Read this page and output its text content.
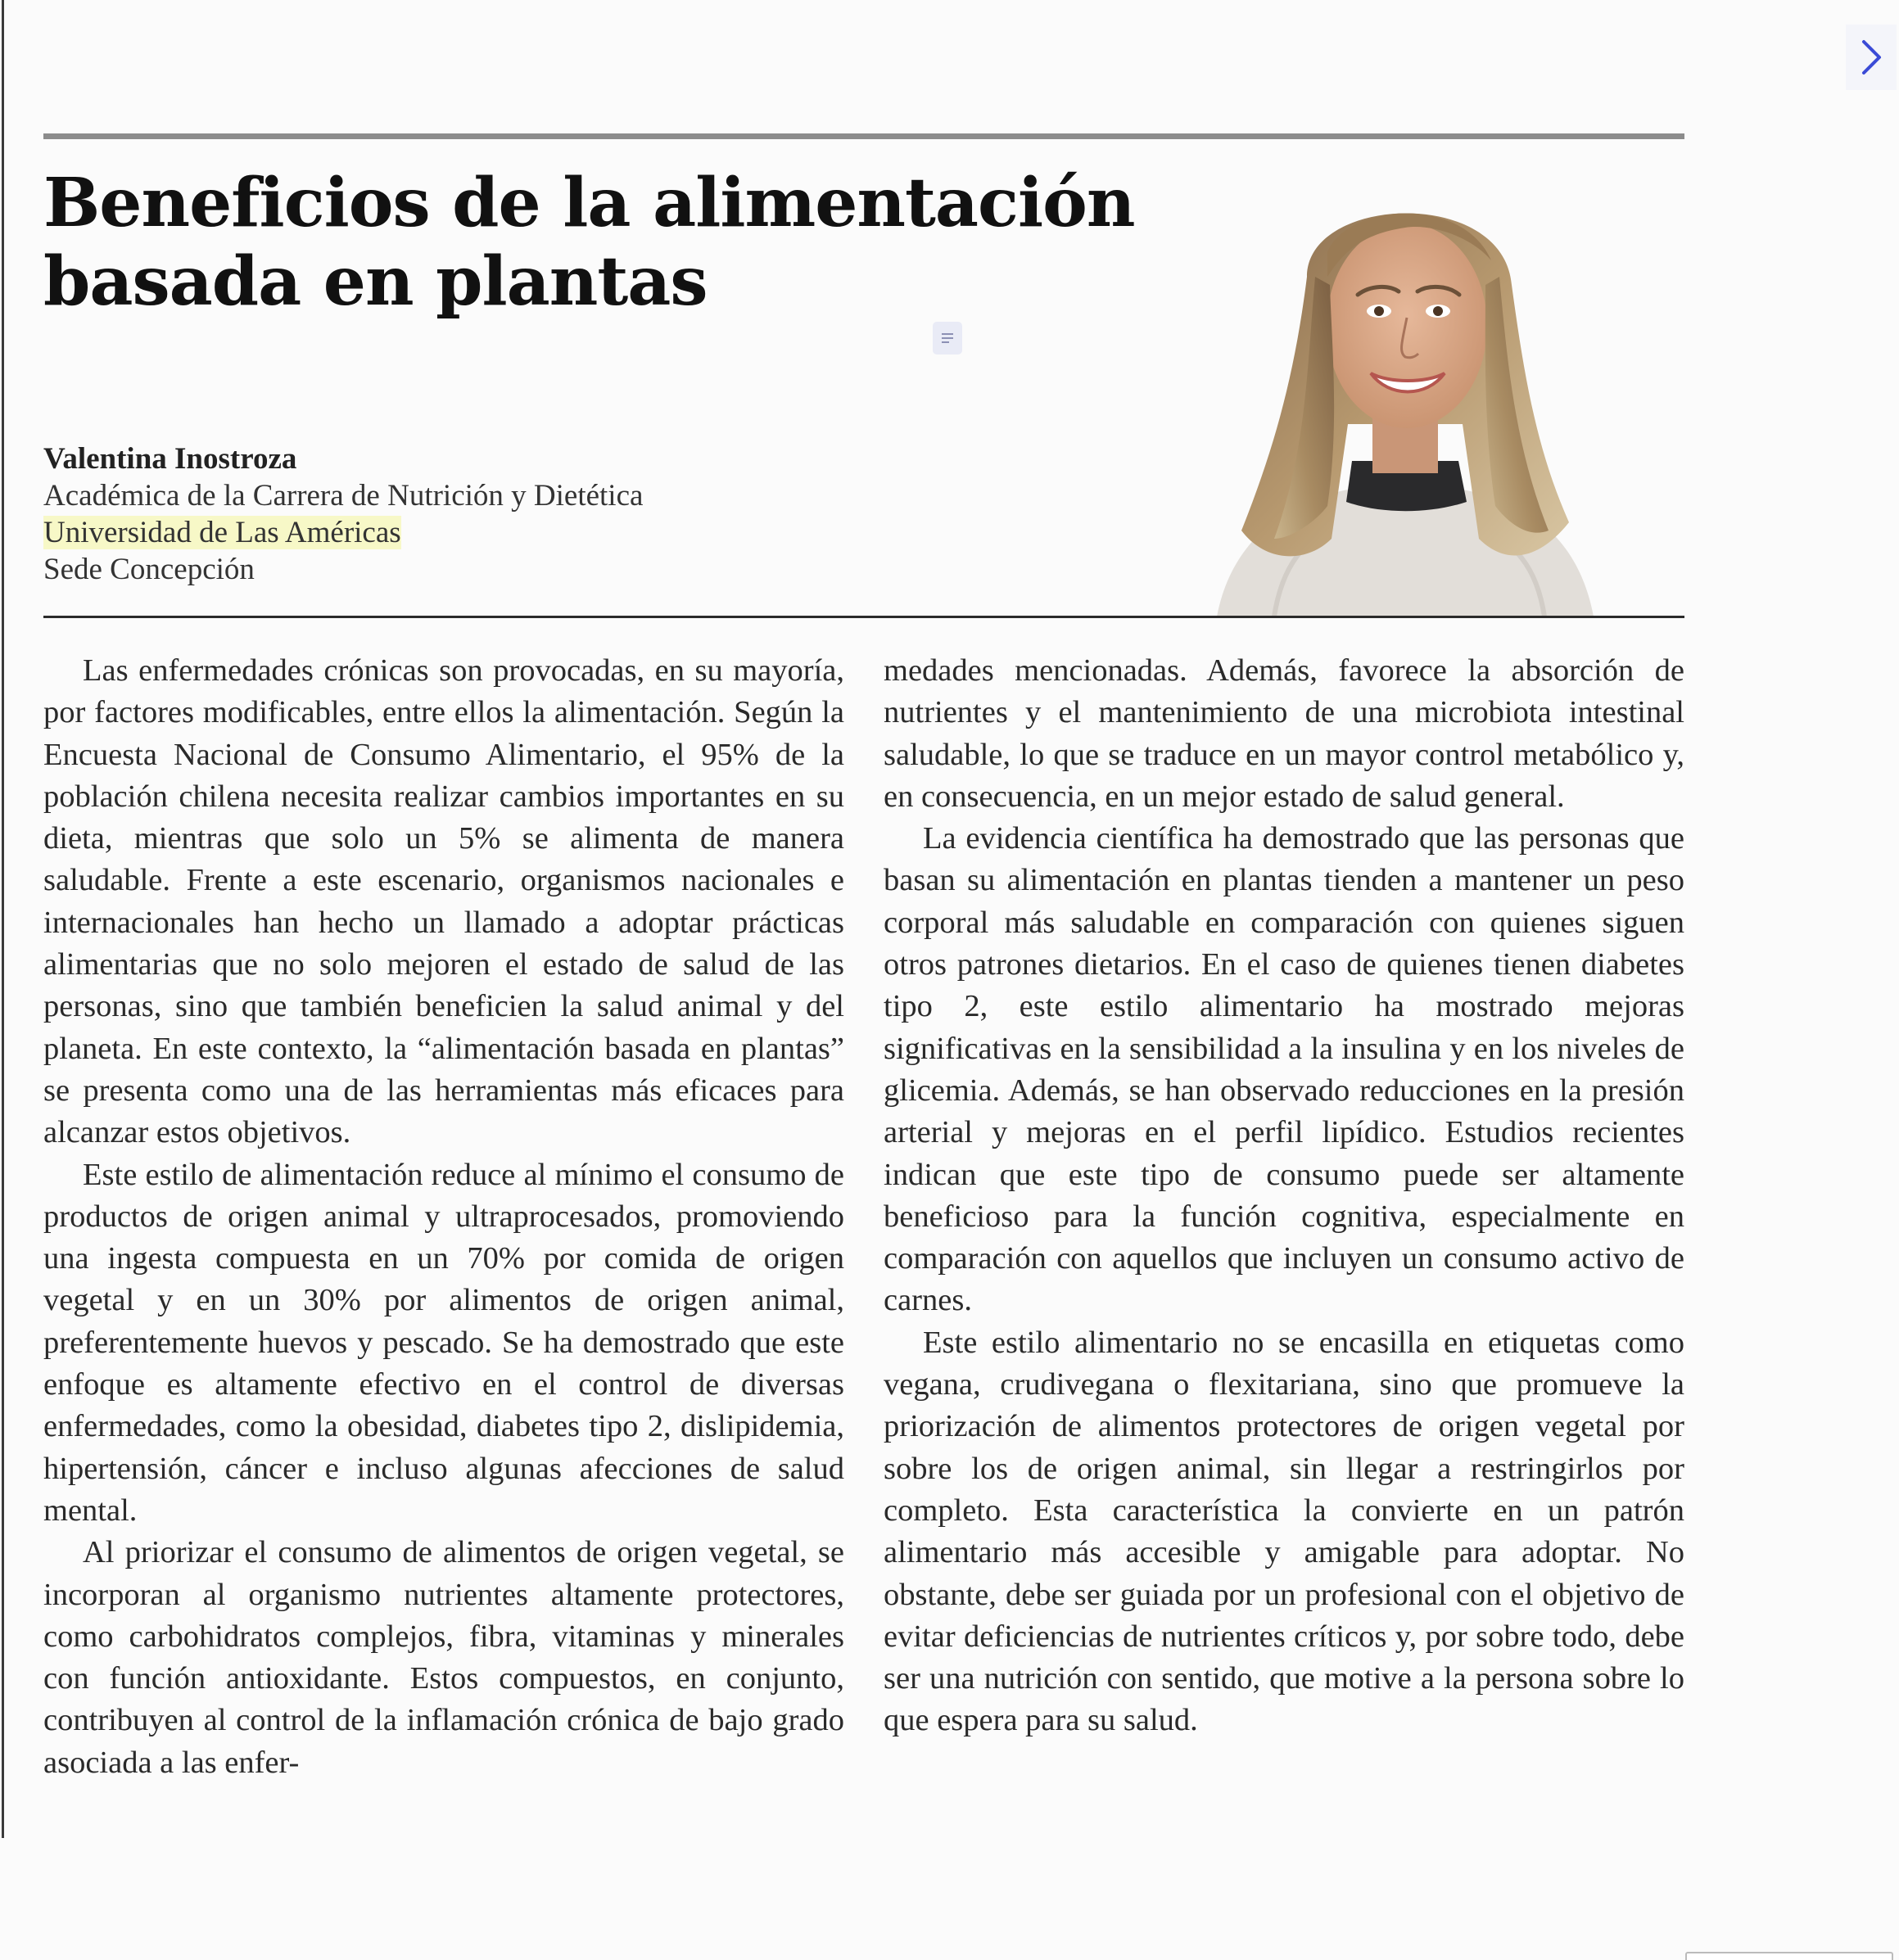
Beneficios de la alimentación basada en plantas
Valentina Inostroza
Académica de la Carrera de Nutrición y Dietética
Universidad de Las Américas
Sede Concepción

Las enfermedades crónicas son provocadas, en su mayoría, por factores modificables, entre ellos la alimentación. Según la Encuesta Nacional de Consumo Alimentario, el 95% de la población chilena necesita realizar cambios importantes en su dieta, mientras que solo un 5% se alimenta de manera saludable. Frente a este escenario, organismos nacionales e internacionales han hecho un llamado a adoptar prácticas alimentarias que no solo mejoren el estado de salud de las personas, sino que también beneficien la salud animal y del planeta. En este contexto, la “alimentación basada en plantas” se presenta como una de las herramientas más eficaces para alcanzar estos objetivos.

Este estilo de alimentación reduce al mínimo el consumo de productos de origen animal y ultraprocesados, promoviendo una ingesta compuesta en un 70% por comida de origen vegetal y en un 30% por alimentos de origen animal, preferentemente huevos y pescado. Se ha demostrado que este enfoque es altamente efectivo en el control de diversas enfermedades, como la obesidad, diabetes tipo 2, dislipidemia, hipertensión, cáncer e incluso algunas afecciones de salud mental.

Al priorizar el consumo de alimentos de origen vegetal, se incorporan al organismo nutrientes altamente protectores, como carbohidratos complejos, fibra, vitaminas y minerales con función antioxidante. Estos compuestos, en conjunto, contribuyen al control de la inflamación crónica de bajo grado asociada a las enfer-

medades mencionadas. Además, favorece la absorción de nutrientes y el mantenimiento de una microbiota intestinal saludable, lo que se traduce en un mayor control metabólico y, en consecuencia, en un mejor estado de salud general.

La evidencia científica ha demostrado que las personas que basan su alimentación en plantas tienden a mantener un peso corporal más saludable en comparación con quienes siguen otros patrones dietarios. En el caso de quienes tienen diabetes tipo 2, este estilo alimentario ha mostrado mejoras significativas en la sensibilidad a la insulina y en los niveles de glicemia. Además, se han observado reducciones en la presión arterial y mejoras en el perfil lipídico. Estudios recientes indican que este tipo de consumo puede ser altamente beneficioso para la función cognitiva, especialmente en comparación con aquellos que incluyen un consumo activo de carnes.

Este estilo alimentario no se encasilla en etiquetas como vegana, crudivegana o flexitariana, sino que promueve la priorización de alimentos protectores de origen vegetal por sobre los de origen animal, sin llegar a restringirlos por completo. Esta característica la convierte en un patrón alimentario más accesible y amigable para adoptar. No obstante, debe ser guiada por un profesional con el objetivo de evitar deficiencias de nutrientes críticos y, por sobre todo, debe ser una nutrición con sentido, que motive a la persona sobre lo que espera para su salud.
